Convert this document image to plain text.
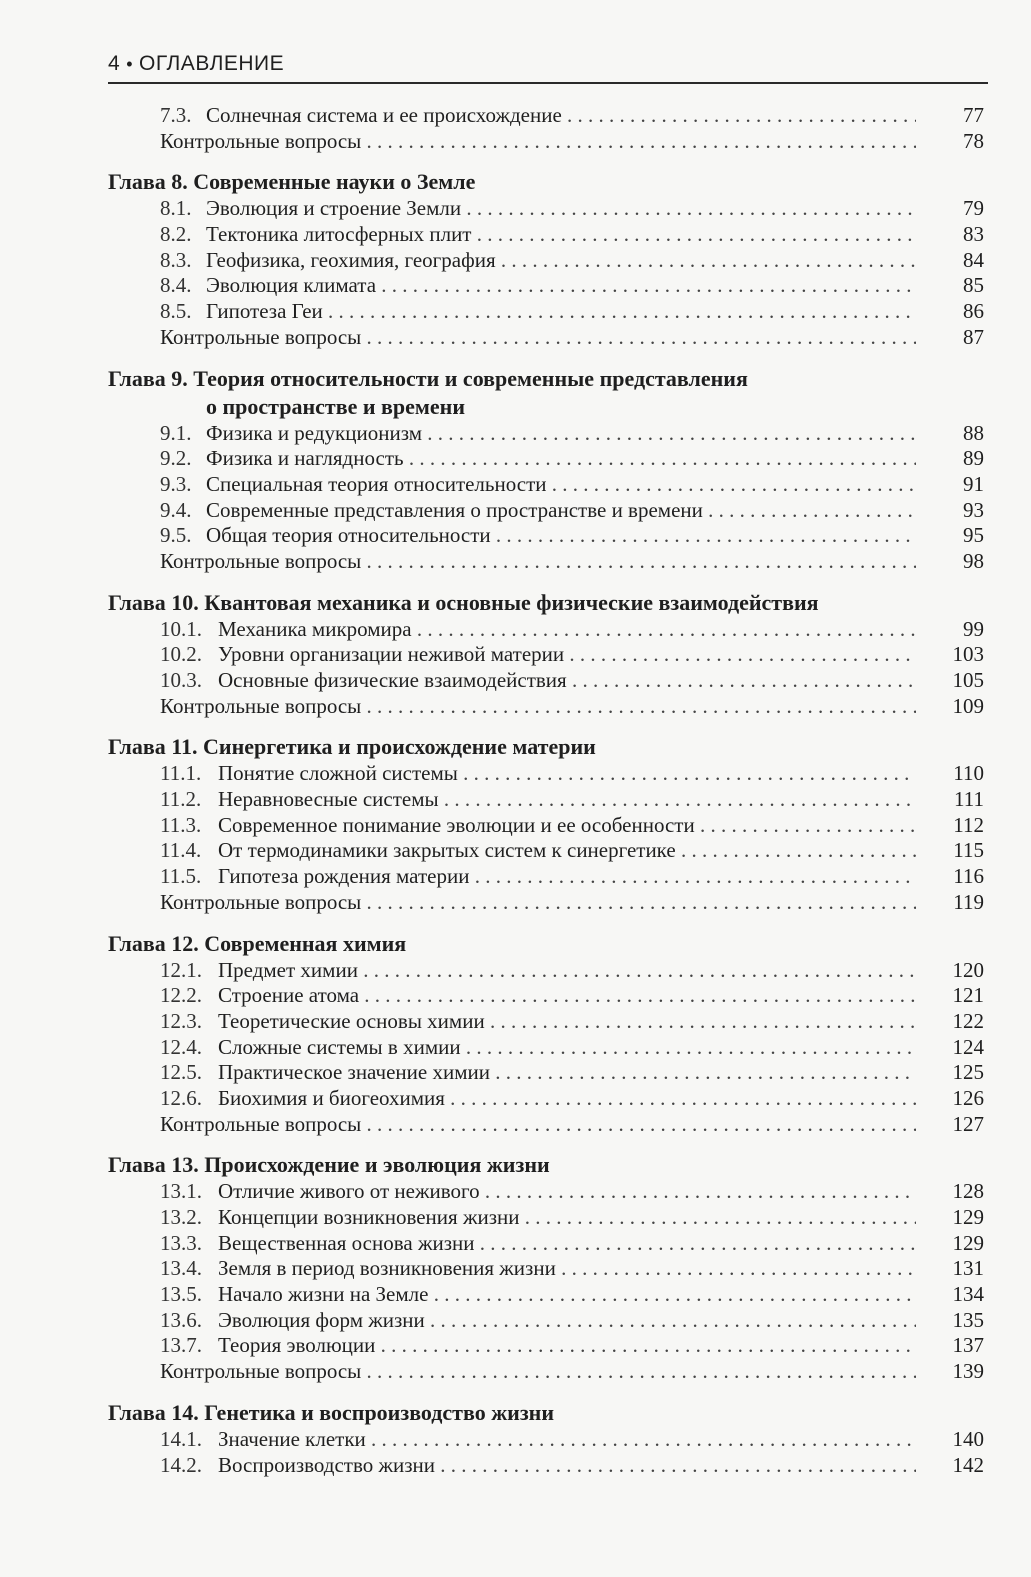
4 • ОГЛАВЛЕНИЕ
7.3. Солнечная система и ее происхождение . . .	77
Контрольные вопросы . . .	78
Глава 8. Современные науки о Земле
8.1. Эволюция и строение Земли . . .	79
8.2. Тектоника литосферных плит . . .	83
8.3. Геофизика, геохимия, география . . .	84
8.4. Эволюция климата . . .	85
8.5. Гипотеза Геи . . .	86
Контрольные вопросы . . .	87
Глава 9. Теория относительности и современные представления
о пространстве и времени
9.1. Физика и редукционизм . . .	88
9.2. Физика и наглядность . . .	89
9.3. Специальная теория относительности . . .	91
9.4. Современные представления о пространстве и времени . . .	93
9.5. Общая теория относительности . . .	95
Контрольные вопросы . . .	98
Глава 10. Квантовая механика и основные физические взаимодействия
10.1. Механика микромира . . .	99
10.2. Уровни организации неживой материи . . .	103
10.3. Основные физические взаимодействия . . .	105
Контрольные вопросы . . .	109
Глава 11. Синергетика и происхождение материи
11.1. Понятие сложной системы . . .	110
11.2. Неравновесные системы . . .	111
11.3. Современное понимание эволюции и ее особенности . . .	112
11.4. От термодинамики закрытых систем к синергетике . . .	115
11.5. Гипотеза рождения материи . . .	116
Контрольные вопросы . . .	119
Глава 12. Современная химия
12.1. Предмет химии . . .	120
12.2. Строение атома . . .	121
12.3. Теоретические основы химии . . .	122
12.4. Сложные системы в химии . . .	124
12.5. Практическое значение химии . . .	125
12.6. Биохимия и биогеохимия . . .	126
Контрольные вопросы . . .	127
Глава 13. Происхождение и эволюция жизни
13.1. Отличие живого от неживого . . .	128
13.2. Концепции возникновения жизни . . .	129
13.3. Вещественная основа жизни . . .	129
13.4. Земля в период возникновения жизни . . .	131
13.5. Начало жизни на Земле . . .	134
13.6. Эволюция форм жизни . . .	135
13.7. Теория эволюции . . .	137
Контрольные вопросы . . .	139
Глава 14. Генетика и воспроизводство жизни
14.1. Значение клетки . . .	140
14.2. Воспроизводство жизни . . .	142
